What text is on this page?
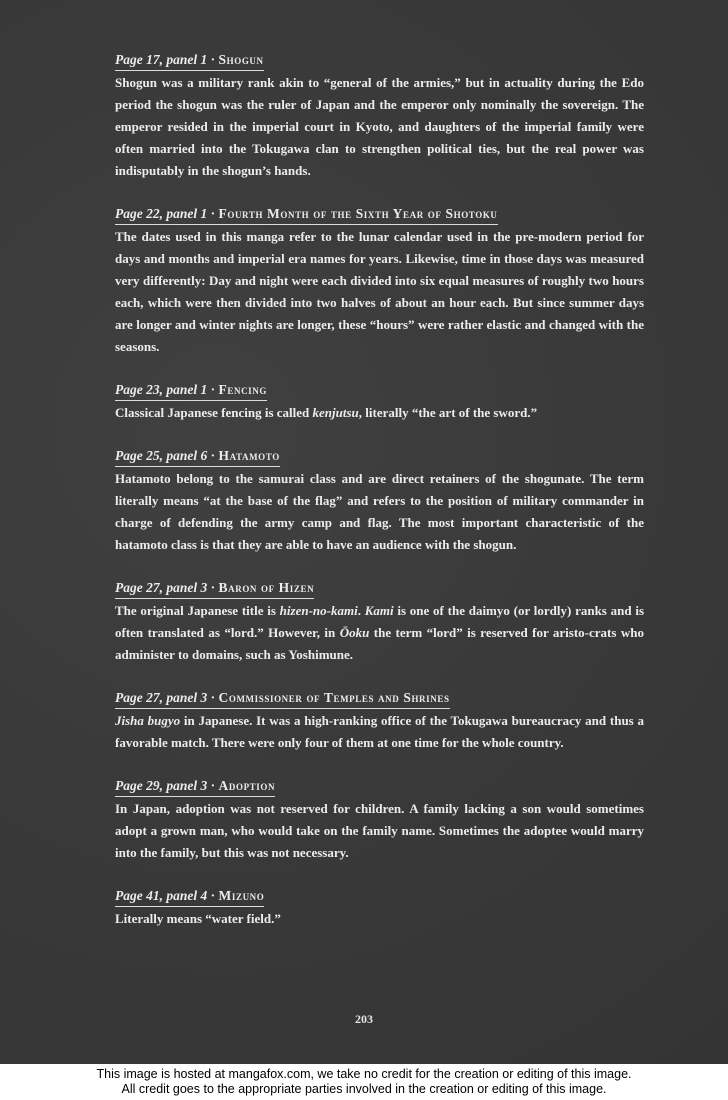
Page 17, panel 1 · Shogun
Shogun was a military rank akin to “general of the armies,” but in actuality during the Edo period the shogun was the ruler of Japan and the emperor only nominally the sovereign. The emperor resided in the imperial court in Kyoto, and daughters of the imperial family were often married into the Tokugawa clan to strengthen political ties, but the real power was indisputably in the shogun’s hands.
Page 22, panel 1 · Fourth Month of the Sixth Year of Shotoku
The dates used in this manga refer to the lunar calendar used in the pre-modern period for days and months and imperial era names for years. Likewise, time in those days was measured very differently: Day and night were each divided into six equal measures of roughly two hours each, which were then divided into two halves of about an hour each. But since summer days are longer and winter nights are longer, these “hours” were rather elastic and changed with the seasons.
Page 23, panel 1 · Fencing
Classical Japanese fencing is called kenjutsu, literally “the art of the sword.”
Page 25, panel 6 · Hatamoto
Hatamoto belong to the samurai class and are direct retainers of the shogunate. The term literally means “at the base of the flag” and refers to the position of military commander in charge of defending the army camp and flag. The most important characteristic of the hatamoto class is that they are able to have an audience with the shogun.
Page 27, panel 3 · Baron of Hizen
The original Japanese title is hizen-no-kami. Kami is one of the daimyo (or lordly) ranks and is often translated as “lord.” However, in Ōoku the term “lord” is reserved for aristo-crats who administer to domains, such as Yoshimune.
Page 27, panel 3 · Commissioner of Temples and Shrines
Jisha bugyo in Japanese. It was a high-ranking office of the Tokugawa bureaucracy and thus a favorable match. There were only four of them at one time for the whole country.
Page 29, panel 3 · Adoption
In Japan, adoption was not reserved for children. A family lacking a son would sometimes adopt a grown man, who would take on the family name. Sometimes the adoptee would marry into the family, but this was not necessary.
Page 41, panel 4 · Mizuno
Literally means “water field.”
203
This image is hosted at mangafox.com, we take no credit for the creation or editing of this image.
All credit goes to the appropriate parties involved in the creation or editing of this image.
